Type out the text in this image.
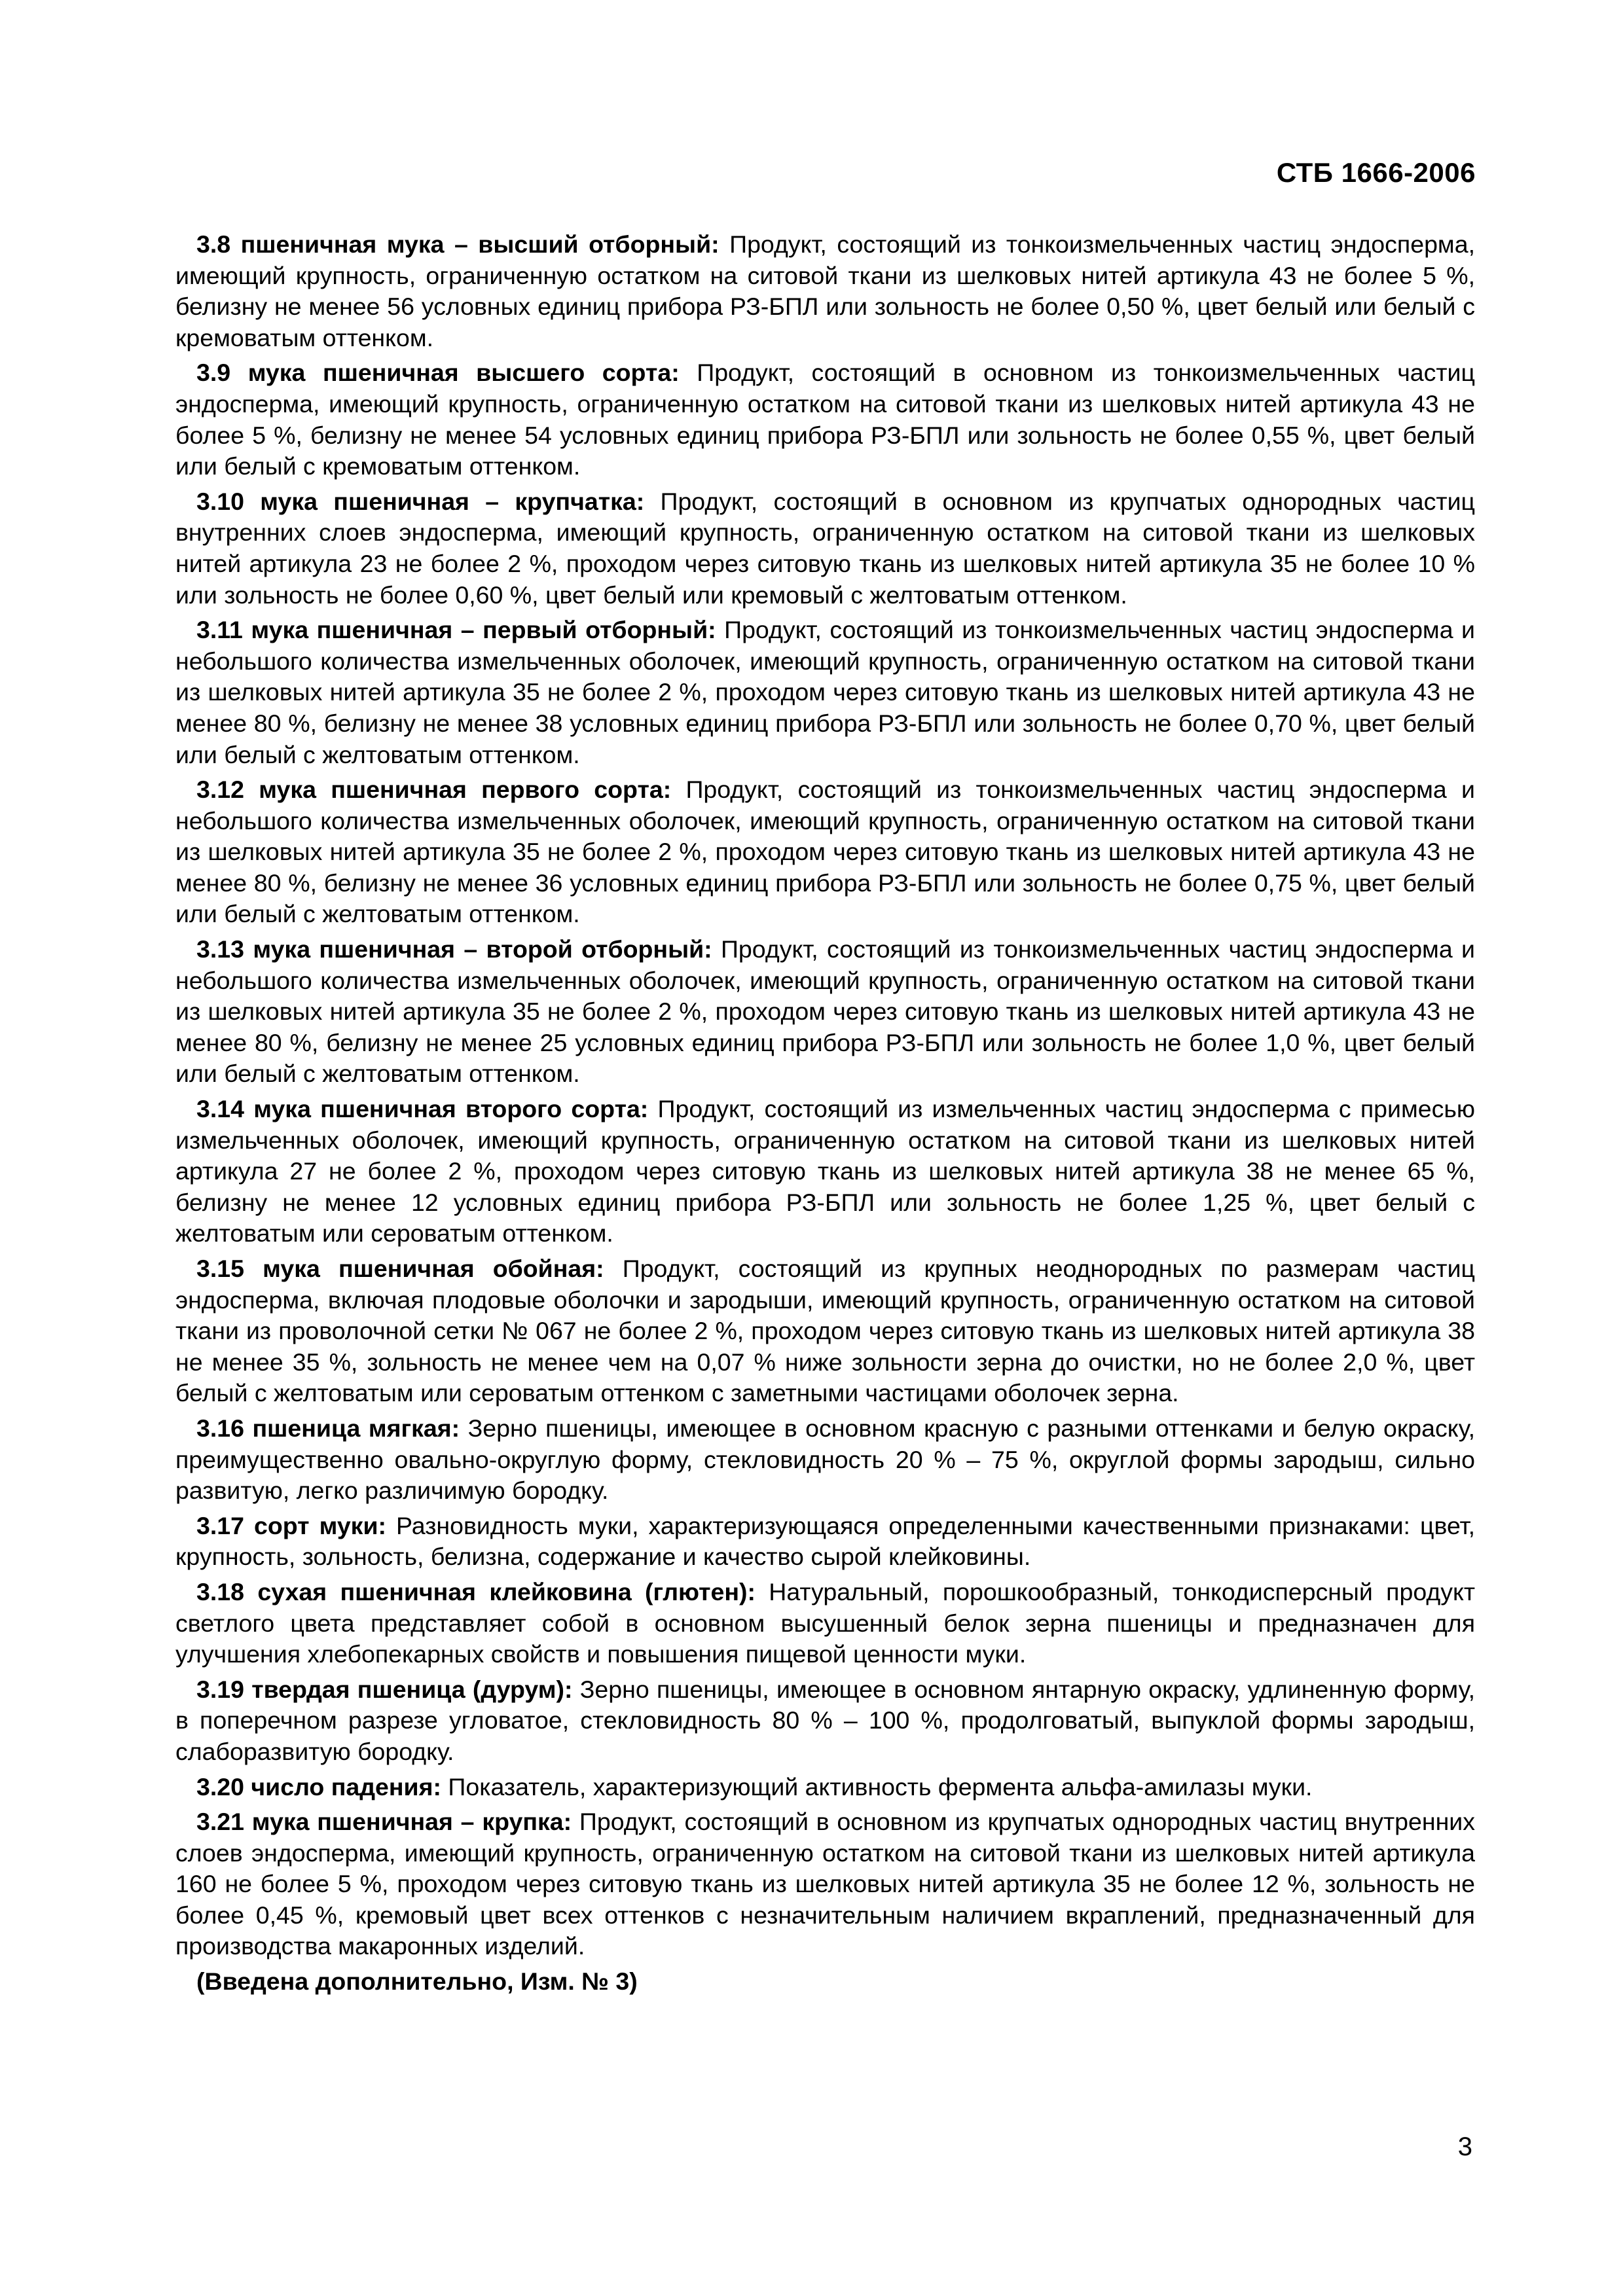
СТБ 1666-2006

3.8 пшеничная мука – высший отборный: Продукт, состоящий из тонкоизмельченных частиц эндосперма, имеющий крупность, ограниченную остатком на ситовой ткани из шелковых нитей артикула 43 не более 5 %, белизну не менее 56 условных единиц прибора РЗ-БПЛ или зольность не более 0,50 %, цвет белый или белый с кремоватым оттенком.

3.9 мука пшеничная высшего сорта: Продукт, состоящий в основном из тонкоизмельченных частиц эндосперма, имеющий крупность, ограниченную остатком на ситовой ткани из шелковых нитей артикула 43 не более 5 %, белизну не менее 54 условных единиц прибора РЗ-БПЛ или зольность не более 0,55 %, цвет белый или белый с кремоватым оттенком.

3.10 мука пшеничная – крупчатка: Продукт, состоящий в основном из крупчатых однородных частиц внутренних слоев эндосперма, имеющий крупность, ограниченную остатком на ситовой ткани из шелковых нитей артикула 23 не более 2 %, проходом через ситовую ткань из шелковых нитей артикула 35 не более 10 % или зольность не более 0,60 %, цвет белый или кремовый с желтоватым оттенком.

3.11 мука пшеничная – первый отборный: Продукт, состоящий из тонкоизмельченных частиц эндосперма и небольшого количества измельченных оболочек, имеющий крупность, ограниченную остатком на ситовой ткани из шелковых нитей артикула 35 не более 2 %, проходом через ситовую ткань из шелковых нитей артикула 43 не менее 80 %, белизну не менее 38 условных единиц прибора РЗ-БПЛ или зольность не более 0,70 %, цвет белый или белый с желтоватым оттенком.

3.12 мука пшеничная первого сорта: Продукт, состоящий из тонкоизмельченных частиц эндосперма и небольшого количества измельченных оболочек, имеющий крупность, ограниченную остатком на ситовой ткани из шелковых нитей артикула 35 не более 2 %, проходом через ситовую ткань из шелковых нитей артикула 43 не менее 80 %, белизну не менее 36 условных единиц прибора РЗ-БПЛ или зольность не более 0,75 %, цвет белый или белый с желтоватым оттенком.

3.13 мука пшеничная – второй отборный: Продукт, состоящий из тонкоизмельченных частиц эндосперма и небольшого количества измельченных оболочек, имеющий крупность, ограниченную остатком на ситовой ткани из шелковых нитей артикула 35 не более 2 %, проходом через ситовую ткань из шелковых нитей артикула 43 не менее 80 %, белизну не менее 25 условных единиц прибора РЗ-БПЛ или зольность не более 1,0 %, цвет белый или белый с желтоватым оттенком.

3.14 мука пшеничная второго сорта: Продукт, состоящий из измельченных частиц эндосперма с примесью измельченных оболочек, имеющий крупность, ограниченную остатком на ситовой ткани из шелковых нитей артикула 27 не более 2 %, проходом через ситовую ткань из шелковых нитей артикула 38 не менее 65 %, белизну не менее 12 условных единиц прибора РЗ-БПЛ или зольность не более 1,25 %, цвет белый с желтоватым или сероватым оттенком.

3.15 мука пшеничная обойная: Продукт, состоящий из крупных неоднородных по размерам частиц эндосперма, включая плодовые оболочки и зародыши, имеющий крупность, ограниченную остатком на ситовой ткани из проволочной сетки № 067 не более 2 %, проходом через ситовую ткань из шелковых нитей артикула 38 не менее 35 %, зольность не менее чем на 0,07 % ниже зольности зерна до очистки, но не более 2,0 %, цвет белый с желтоватым или сероватым оттенком с заметными частицами оболочек зерна.

3.16 пшеница мягкая: Зерно пшеницы, имеющее в основном красную с разными оттенками и белую окраску, преимущественно овально-округлую форму, стекловидность 20 % – 75 %, округлой формы зародыш, сильно развитую, легко различимую бородку.

3.17 сорт муки: Разновидность муки, характеризующаяся определенными качественными признаками: цвет, крупность, зольность, белизна, содержание и качество сырой клейковины.

3.18 сухая пшеничная клейковина (глютен): Натуральный, порошкообразный, тонкодисперсный продукт светлого цвета представляет собой в основном высушенный белок зерна пшеницы и предназначен для улучшения хлебопекарных свойств и повышения пищевой ценности муки.

3.19 твердая пшеница (дурум): Зерно пшеницы, имеющее в основном янтарную окраску, удлиненную форму, в поперечном разрезе угловатое, стекловидность 80 % – 100 %, продолговатый, выпуклой формы зародыш, слаборазвитую бородку.

3.20 число падения: Показатель, характеризующий активность фермента альфа-амилазы муки.

3.21 мука пшеничная – крупка: Продукт, состоящий в основном из крупчатых однородных частиц внутренних слоев эндосперма, имеющий крупность, ограниченную остатком на ситовой ткани из шелковых нитей артикула 160 не более 5 %, проходом через ситовую ткань из шелковых нитей артикула 35 не более 12 %, зольность не более 0,45 %, кремовый цвет всех оттенков с незначительным наличием вкраплений, предназначенный для производства макаронных изделий.

(Введена дополнительно, Изм. № 3)

3
